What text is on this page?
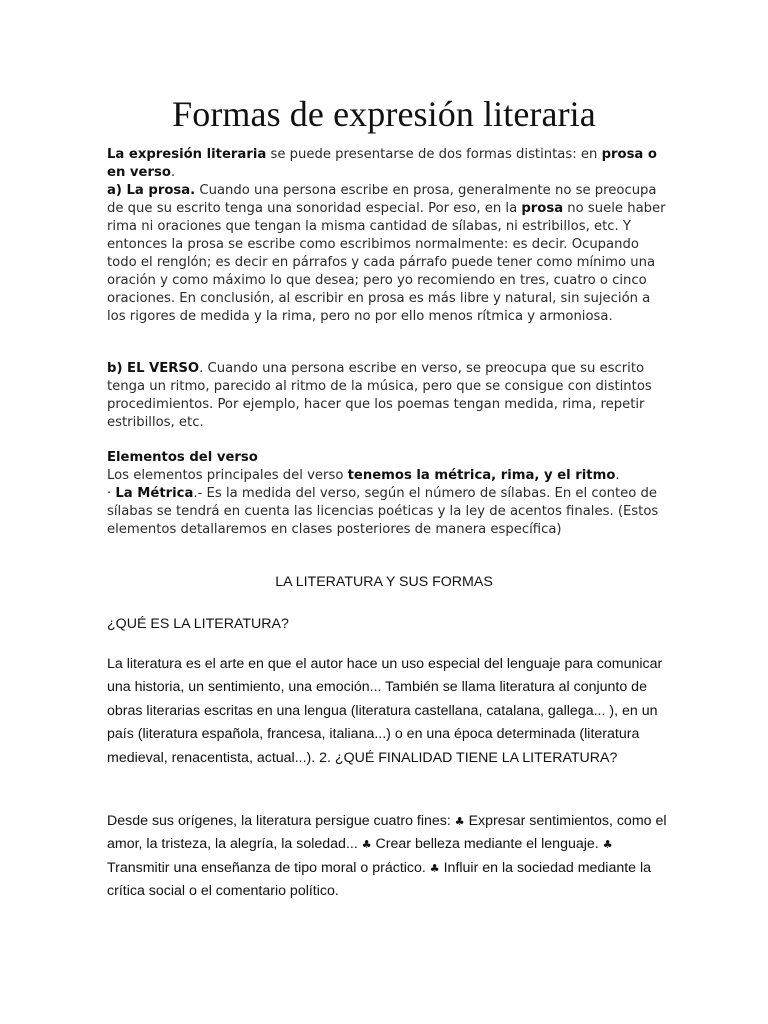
Formas de expresión literaria

La expresión literaria se puede presentarse de dos formas distintas: en prosa o en verso.

a) La prosa. Cuando una persona escribe en prosa, generalmente no se preocupa de que su escrito tenga una sonoridad especial. Por eso, en la prosa no suele haber rima ni oraciones que tengan la misma cantidad de sílabas, ni estribillos, etc. Y entonces la prosa se escribe como escribimos normalmente: es decir. Ocupando todo el renglón; es decir en párrafos y cada párrafo puede tener como mínimo una oración y como máximo lo que desea; pero yo recomiendo en tres, cuatro o cinco oraciones. En conclusión, al escribir en prosa es más libre y natural, sin sujeción a los rigores de medida y la rima, pero no por ello menos rítmica y armoniosa.

b) EL VERSO. Cuando una persona escribe en verso, se preocupa que su escrito tenga un ritmo, parecido al ritmo de la música, pero que se consigue con distintos procedimientos. Por ejemplo, hacer que los poemas tengan medida, rima, repetir estribillos, etc.

Elementos del verso

Los elementos principales del verso tenemos la métrica, rima, y el ritmo.

· La Métrica.- Es la medida del verso, según el número de sílabas. En el conteo de sílabas se tendrá en cuenta las licencias poéticas y la ley de acentos finales. (Estos elementos detallaremos en clases posteriores de manera específica)

LA LITERATURA Y SUS FORMAS

¿QUÉ ES LA LITERATURA?

La literatura es el arte en que el autor hace un uso especial del lenguaje para comunicar una historia, un sentimiento, una emoción... También se llama literatura al conjunto de obras literarias escritas en una lengua (literatura castellana, catalana, gallega... ), en un país (literatura española, francesa, italiana...) o en una época determinada (literatura medieval, renacentista, actual...). 2. ¿QUÉ FINALIDAD TIENE LA LITERATURA?

Desde sus orígenes, la literatura persigue cuatro fines: ♣ Expresar sentimientos, como el amor, la tristeza, la alegría, la soledad... ♣ Crear belleza mediante el lenguaje. ♣ Transmitir una enseñanza de tipo moral o práctico. ♣ Influir en la sociedad mediante la crítica social o el comentario político.
